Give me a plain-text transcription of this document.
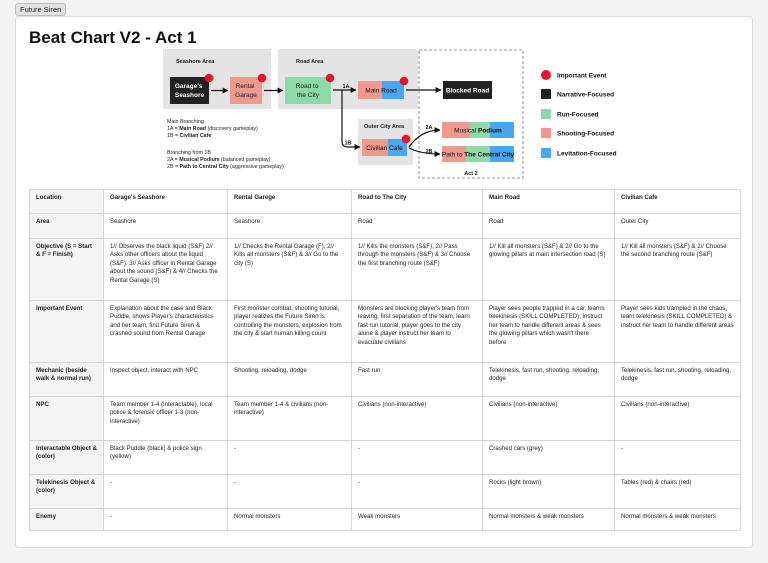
Future Siren
Beat Chart V2 - Act 1
Seashore Area	Road Area
Outer City Area
Act 2
Garage's Seashore
Rental Garage
Road to the City
Main Road	Blocked Road
Civilian Cafe
Musical Podium
Path to The Central City
1A
1B
2A
2B
Main Branching 1A = Main Road (discovery gameplay) 1B = Civilian Cafe Branching from 1B 2A = Musical Podium (balanced gameplay) 2B = Path to Central City (aggressive gameplay)
Important Event
Narrative-Focused
Run-Focused
Shooting-Focused
Levitation-Focused
Location	Garage's Seashore	Rental Garege	Road to The City	Main Road	Civilian Cafe
Area	Seashore	Seashore	Road	Road	Outer City
Objective (S = Start & F = Finish)	1// Observes the black liquid (S&F) 2// Asks other officers about the liquid (S&F), 3// Asks officer in Rental Garage about the sound (S&F) & 4// Checks the Rental Garage (S)	1// Checks the Rental Garage (F), 2// Kills all monsters (S&F) & 3// Go to the city (S)	1// Kills the monsters (S&F), 2// Pass through the monsters (S&F) & 3// Choose the first branching route (S&F)	1// Kill all monsters (S&F) & 2// Go to the glowing pillars at main intersection road (S)	1// Kill all monsters (S&F) & 2// Choose the second branching route (S&F)
Important Event	Explanation about the case and Black Puddle, shows Player's characteristics and her team, first Future Siren & crashed sound from Rental Garage	First monster combat, shooting tutorial, player realizes the Future Siren is controlling the monsters, explosion from the city & start human killing count	Monsters are blocking player's team from leaving, first separation of the team, learn fast run tutorial, player goes to the city alone & player instruct her team to evacuate civilians	Player sees people trapped in a car, learns telekinesis (SKILL COMPLETED), instruct her team to handle different areas & sees the glowing pillars which wasn't there before	Player sees kids trampled in the chaos, learn telekinesis (SKILL COMPLETED) & instruct her team to handle different areas
Mechanic (beside walk & normal run)	Inspect object, interact with NPC	Shooting, reloading, dodge	Fast run	Telekinesis, fast run, shooting, reloading, dodge	Telekinesis, fast run, shooting, reloading, dodge
NPC	Team member 1-4 (interactable), local police & forensic officer 1-3 (non-interactive)	Team member 1-4 & civilians (non-interactive)	Civilians (non-interactive)	Civilians (non-interactive)	Civilians (non-interactive)
Interactable Object & (color)	Black Puddle (black) & police sign (yellow)	-	-	Crashed cars (grey)	-
Telekinesis Object & (color)	-	-	-	Rocks (light brown)	Tables (red) & chairs (red)
Enemy	-	Normal monsters	Weak monsters	Normal monsters & weak monsters	Normal monsters & weak monsters
